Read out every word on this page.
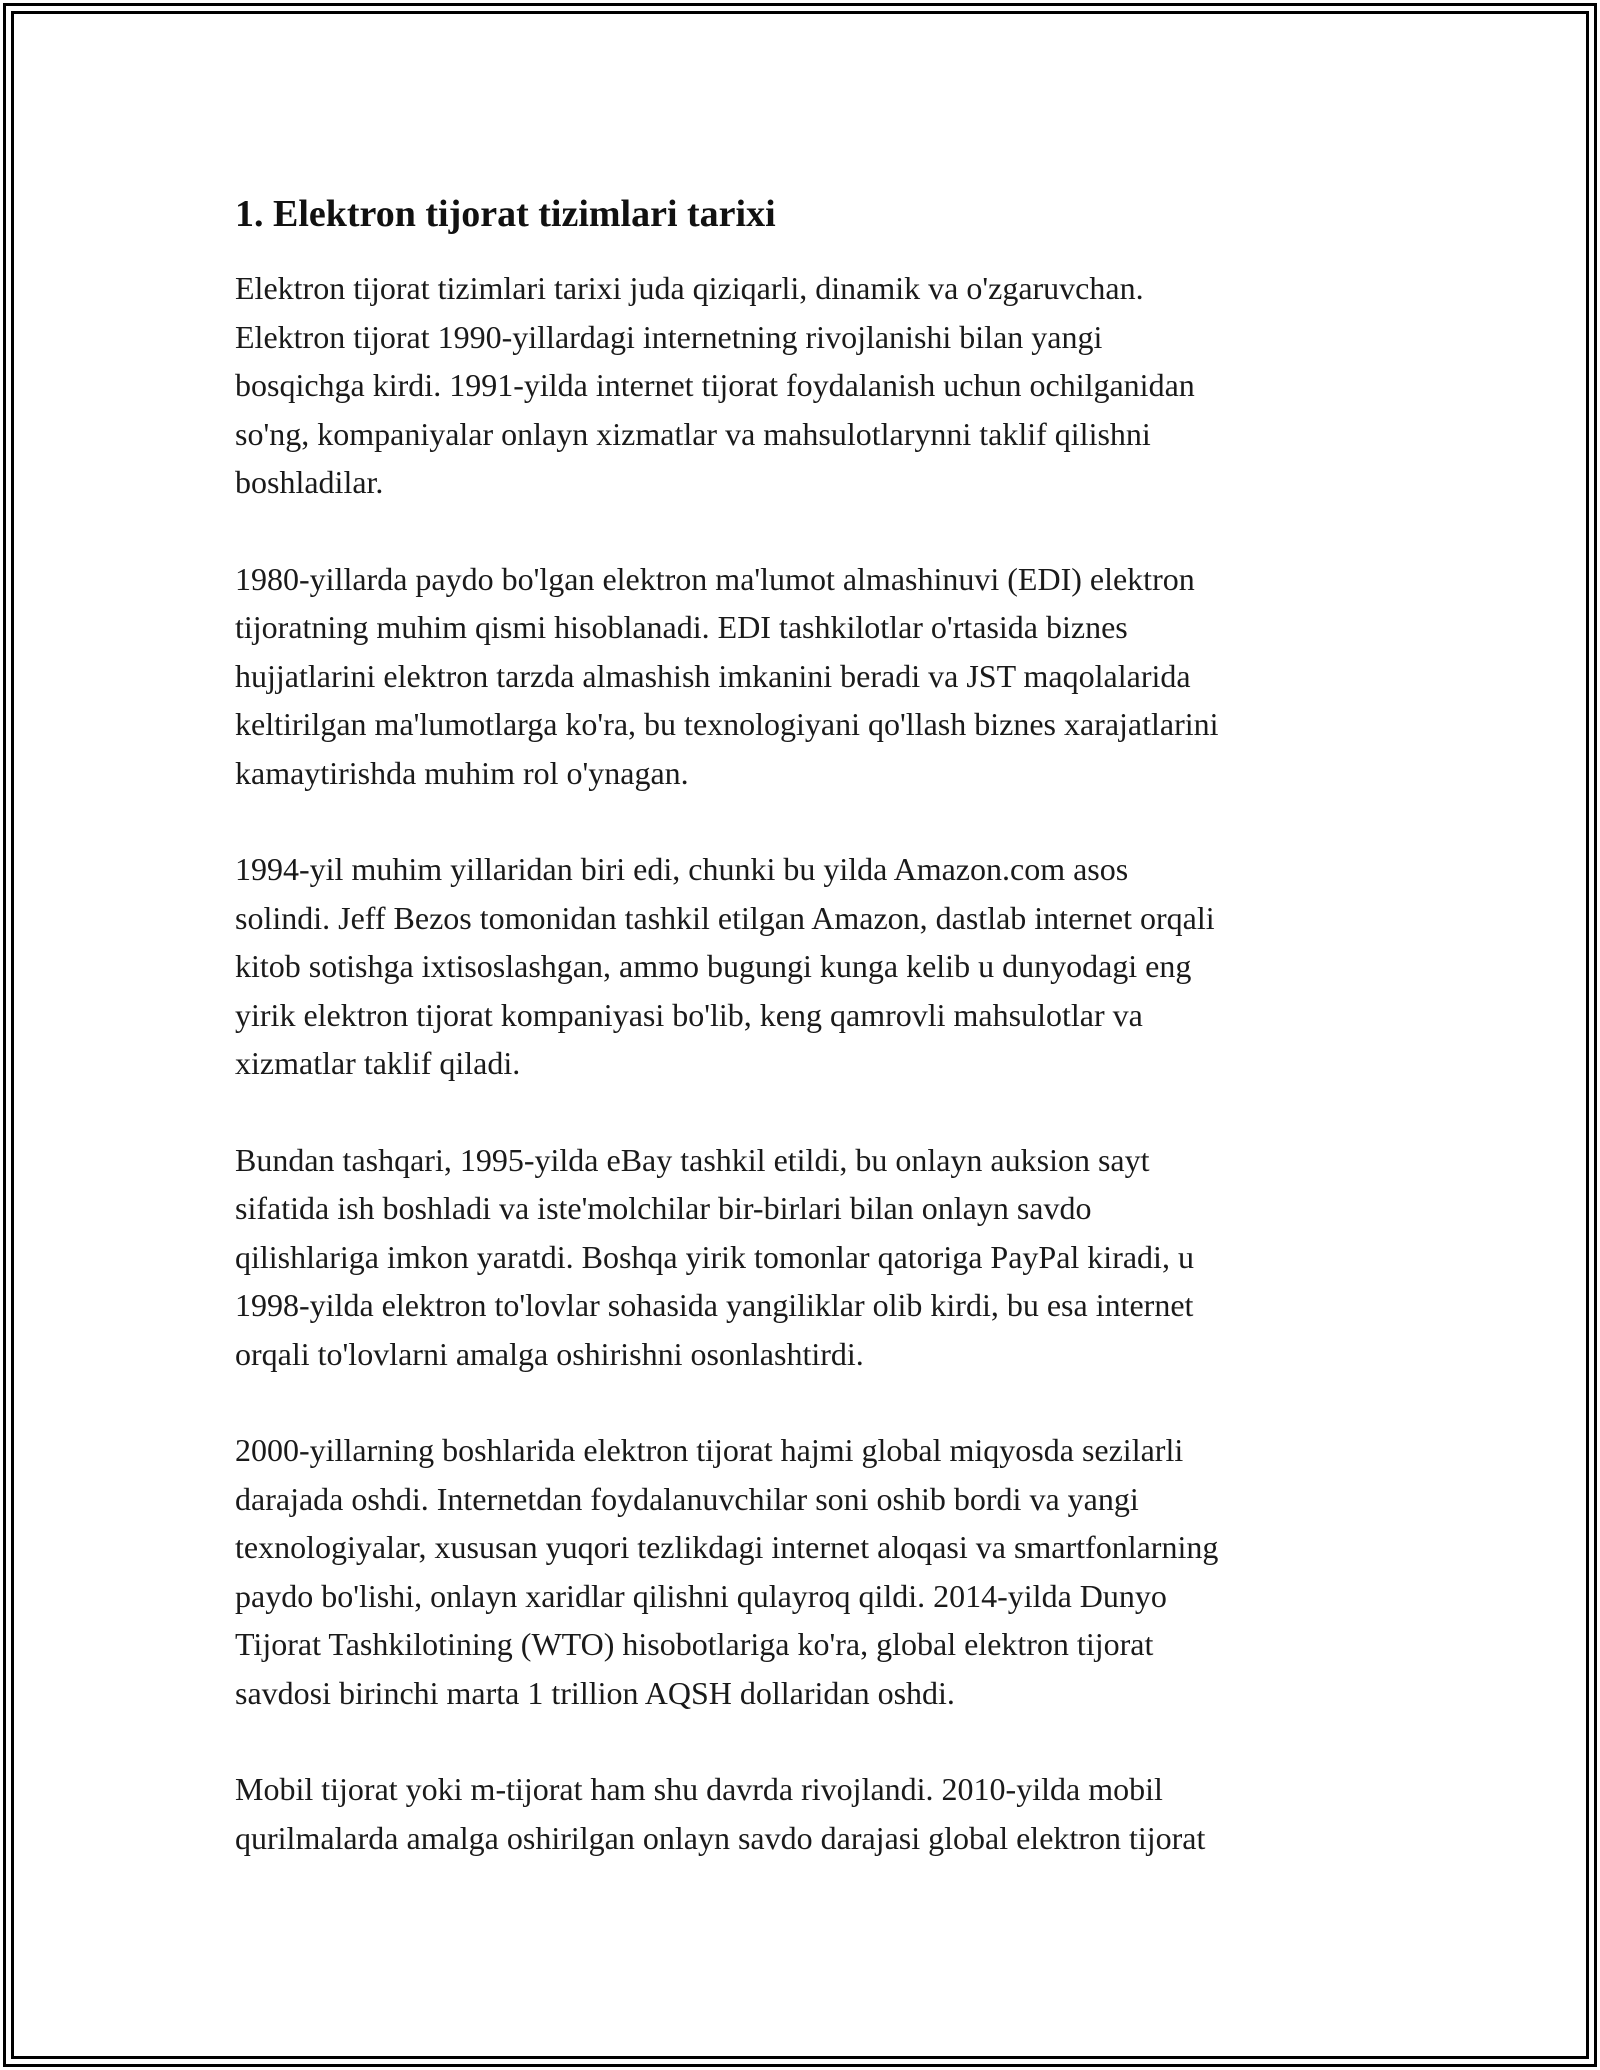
1. Elektron tijorat tizimlari tarixi

Elektron tijorat tizimlari tarixi juda qiziqarli, dinamik va o'zgaruvchan.
Elektron tijorat 1990-yillardagi internetning rivojlanishi bilan yangi
bosqichga kirdi. 1991-yilda internet tijorat foydalanish uchun ochilganidan
so'ng, kompaniyalar onlayn xizmatlar va mahsulotlarynni taklif qilishni
boshladilar.

1980-yillarda paydo bo'lgan elektron ma'lumot almashinuvi (EDI) elektron
tijoratning muhim qismi hisoblanadi. EDI tashkilotlar o'rtasida biznes
hujjatlarini elektron tarzda almashish imkanini beradi va JST maqolalarida
keltirilgan ma'lumotlarga ko'ra, bu texnologiyani qo'llash biznes xarajatlarini
kamaytirishda muhim rol o'ynagan.

1994-yil muhim yillaridan biri edi, chunki bu yilda Amazon.com asos
solindi. Jeff Bezos tomonidan tashkil etilgan Amazon, dastlab internet orqali
kitob sotishga ixtisoslashgan, ammo bugungi kunga kelib u dunyodagi eng
yirik elektron tijorat kompaniyasi bo'lib, keng qamrovli mahsulotlar va
xizmatlar taklif qiladi.

Bundan tashqari, 1995-yilda eBay tashkil etildi, bu onlayn auksion sayt
sifatida ish boshladi va iste'molchilar bir-birlari bilan onlayn savdo
qilishlariga imkon yaratdi. Boshqa yirik tomonlar qatoriga PayPal kiradi, u
1998-yilda elektron to'lovlar sohasida yangiliklar olib kirdi, bu esa internet
orqali to'lovlarni amalga oshirishni osonlashtirdi.

2000-yillarning boshlarida elektron tijorat hajmi global miqyosda sezilarli
darajada oshdi. Internetdan foydalanuvchilar soni oshib bordi va yangi
texnologiyalar, xususan yuqori tezlikdagi internet aloqasi va smartfonlarning
paydo bo'lishi, onlayn xaridlar qilishni qulayroq qildi. 2014-yilda Dunyo
Tijorat Tashkilotining (WTO) hisobotlariga ko'ra, global elektron tijorat
savdosi birinchi marta 1 trillion AQSH dollaridan oshdi.

Mobil tijorat yoki m-tijorat ham shu davrda rivojlandi. 2010-yilda mobil
qurilmalarda amalga oshirilgan onlayn savdo darajasi global elektron tijorat
